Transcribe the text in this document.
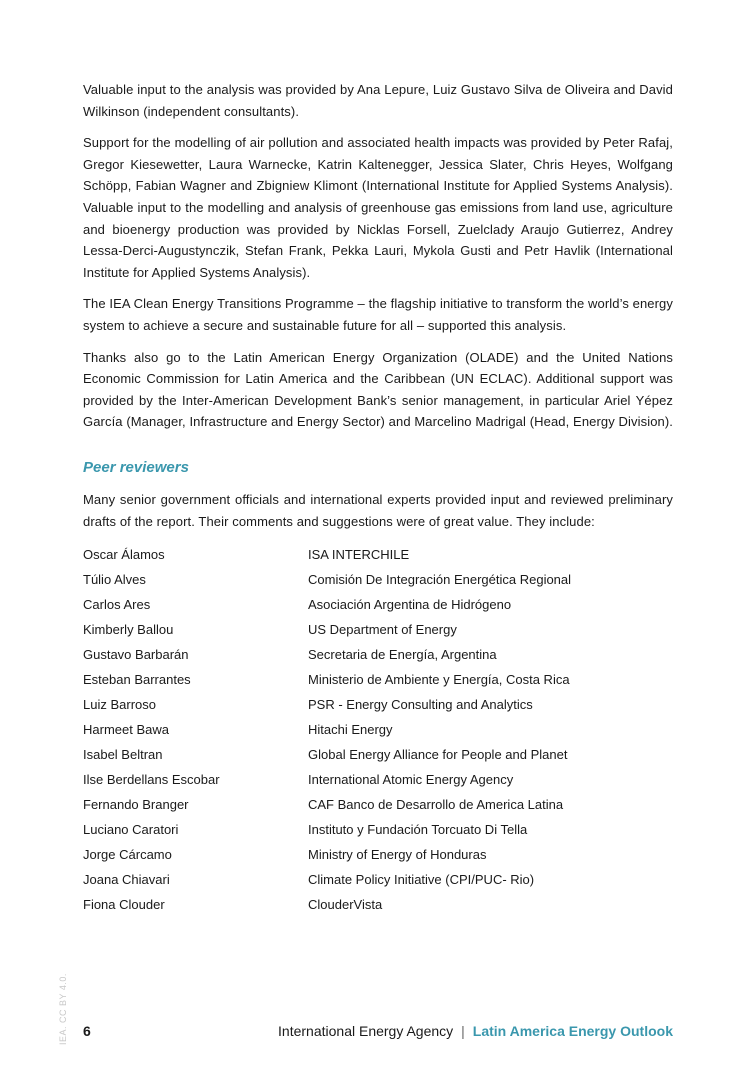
Valuable input to the analysis was provided by Ana Lepure, Luiz Gustavo Silva de Oliveira and David Wilkinson (independent consultants).

Support for the modelling of air pollution and associated health impacts was provided by Peter Rafaj, Gregor Kiesewetter, Laura Warnecke, Katrin Kaltenegger, Jessica Slater, Chris Heyes, Wolfgang Schöpp, Fabian Wagner and Zbigniew Klimont (International Institute for Applied Systems Analysis). Valuable input to the modelling and analysis of greenhouse gas emissions from land use, agriculture and bioenergy production was provided by Nicklas Forsell, Zuelclady Araujo Gutierrez, Andrey Lessa-Derci-Augustynczik, Stefan Frank, Pekka Lauri, Mykola Gusti and Petr Havlik (International Institute for Applied Systems Analysis).

The IEA Clean Energy Transitions Programme – the flagship initiative to transform the world’s energy system to achieve a secure and sustainable future for all – supported this analysis.

Thanks also go to the Latin American Energy Organization (OLADE) and the United Nations Economic Commission for Latin America and the Caribbean (UN ECLAC). Additional support was provided by the Inter-American Development Bank’s senior management, in particular Ariel Yépez García (Manager, Infrastructure and Energy Sector) and Marcelino Madrigal (Head, Energy Division).

Peer reviewers

Many senior government officials and international experts provided input and reviewed preliminary drafts of the report. Their comments and suggestions were of great value. They include:

Oscar Álamos	ISA INTERCHILE
Túlio Alves	Comisión De Integración Energética Regional
Carlos Ares	Asociación Argentina de Hidrógeno
Kimberly Ballou	US Department of Energy
Gustavo Barbarán	Secretaria de Energía, Argentina
Esteban Barrantes	Ministerio de Ambiente y Energía, Costa Rica
Luiz Barroso	PSR - Energy Consulting and Analytics
Harmeet Bawa	Hitachi Energy
Isabel Beltran	Global Energy Alliance for People and Planet
Ilse Berdellans Escobar	International Atomic Energy Agency
Fernando Branger	CAF Banco de Desarrollo de America Latina
Luciano Caratori	Instituto y Fundación Torcuato Di Tella
Jorge Cárcamo	Ministry of Energy of Honduras
Joana Chiavari	Climate Policy Initiative (CPI/PUC- Rio)
Fiona Clouder	ClouderVista
IEA. CC BY 4.0. 6	International Energy Agency | Latin America Energy Outlook
